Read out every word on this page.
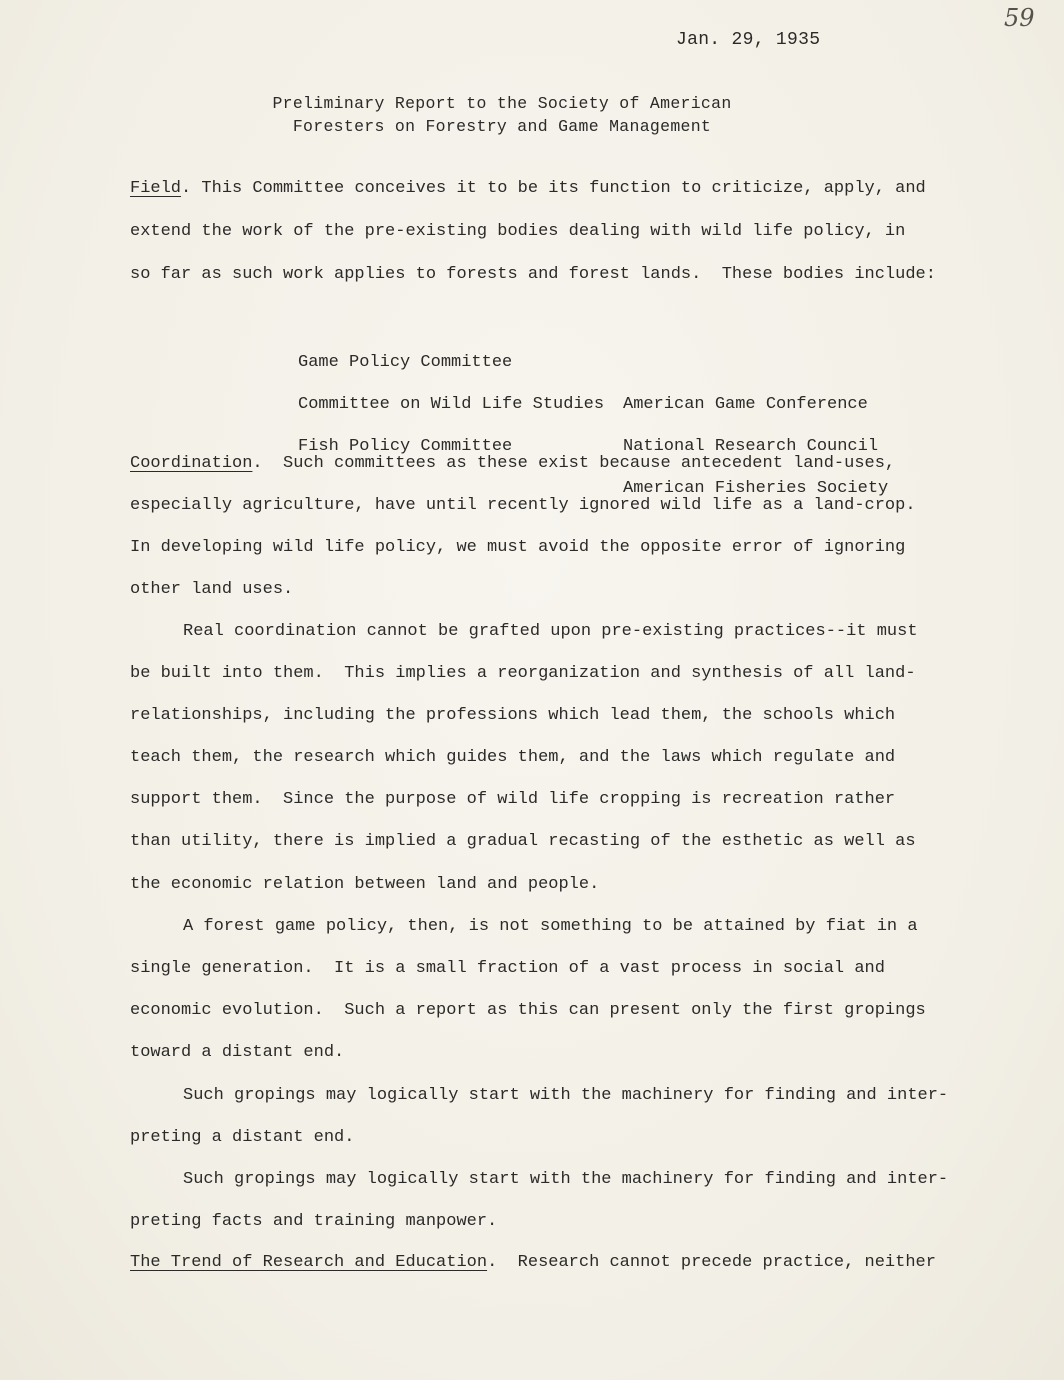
59
Jan. 29, 1935
Preliminary Report to the Society of American
Foresters on Forestry and Game Management
Field. This Committee conceives it to be its function to criticize, apply, and
extend the work of the pre-existing bodies dealing with wild life policy, in
so far as such work applies to forests and forest lands.  These bodies include:

Game Policy Committee

American Game Conference

Committee on Wild Life Studies

National Research Council

Fish Policy Committee

American Fisheries Society

Coordination.  Such committees as these exist because antecedent land-uses,
especially agriculture, have until recently ignored wild life as a land-crop.
In developing wild life policy, we must avoid the opposite error of ignoring
other land uses.
Real coordination cannot be grafted upon pre-existing practices--it must
be built into them.  This implies a reorganization and synthesis of all land-
relationships, including the professions which lead them, the schools which
teach them, the research which guides them, and the laws which regulate and
support them.  Since the purpose of wild life cropping is recreation rather
than utility, there is implied a gradual recasting of the esthetic as well as
the economic relation between land and people.
A forest game policy, then, is not something to be attained by fiat in a
single generation.  It is a small fraction of a vast process in social and
economic evolution.  Such a report as this can present only the first gropings
toward a distant end.
Such gropings may logically start with the machinery for finding and inter-
preting a distant end.
Such gropings may logically start with the machinery for finding and inter-
preting facts and training manpower.
The Trend of Research and Education.  Research cannot precede practice, neither
